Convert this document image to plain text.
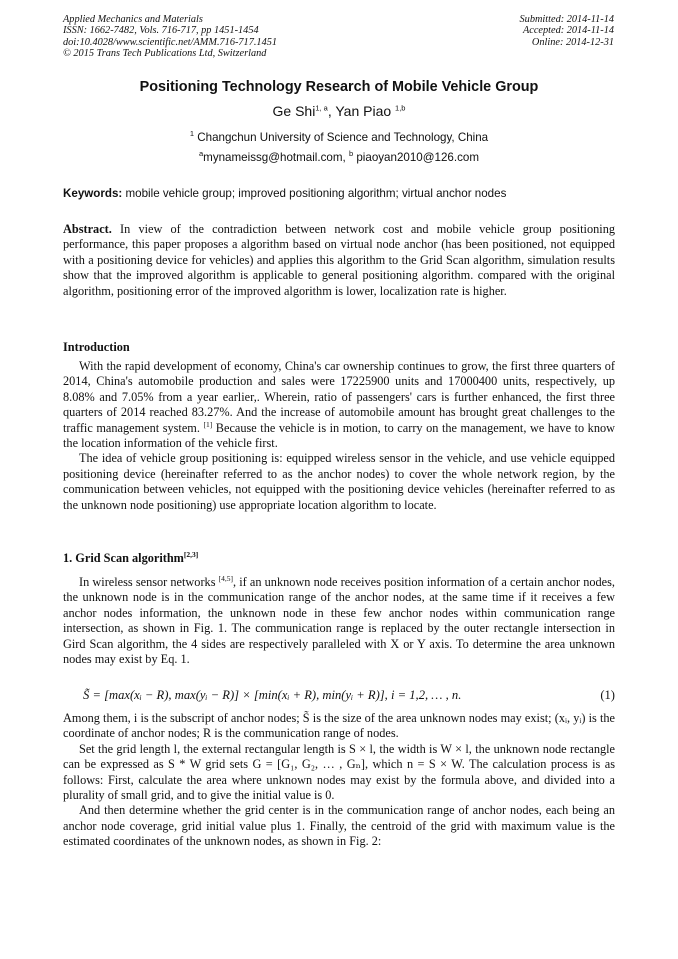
Applied Mechanics and Materials
ISSN: 1662-7482, Vols. 716-717, pp 1451-1454
doi:10.4028/www.scientific.net/AMM.716-717.1451
© 2015 Trans Tech Publications Ltd, Switzerland
Submitted: 2014-11-14
Accepted: 2014-11-14
Online: 2014-12-31
Positioning Technology Research of Mobile Vehicle Group
Ge Shi$^{1, a}$, Yan Piao $^{1,b}$
$^1$ Changchun University of Science and Technology, China
$^a$mynameissg@hotmail.com, $^b$ piaoyan2010@126.com
Keywords: mobile vehicle group; improved positioning algorithm; virtual anchor nodes

Abstract. In view of the contradiction between network cost and mobile vehicle group positioning performance, this paper proposes a algorithm based on virtual node anchor (has been positioned, not equipped with a positioning device for vehicles) and applies this algorithm to the Grid Scan algorithm, simulation results show that the improved algorithm is applicable to general positioning algorithm. compared with the original algorithm, positioning error of the improved algorithm is lower, localization rate is higher.

Introduction

With the rapid development of economy, China's car ownership continues to grow, the first three quarters of 2014, China's automobile production and sales were 17225900 units and 17000400 units, respectively, up 8.08% and 7.05% from a year earlier,. Wherein, ratio of passengers' cars is further enhanced, the first three quarters of 2014 reached 83.27%. And the increase of automobile amount has brought great challenges to the traffic management system. [1] Because the vehicle is in motion, to carry on the management, we have to know the location information of the vehicle first.

The idea of vehicle group positioning is: equipped wireless sensor in the vehicle, and use vehicle equipped positioning device (hereinafter referred to as the anchor nodes) to cover the whole network region, by the communication between vehicles, not equipped with the positioning device vehicles (hereinafter referred to as the unknown node positioning) use appropriate location algorithm to locate.

1. Grid Scan algorithm[2,3]

In wireless sensor networks [4,5], if an unknown node receives position information of a certain anchor nodes, the unknown node is in the communication range of the anchor nodes, at the same time if it receives a few anchor nodes information, the unknown node in these few anchor nodes within communication range intersection, as shown in Fig. 1. The communication range is replaced by the outer rectangle intersection in Gird Scan algorithm, the 4 sides are respectively paralleled with X or Y axis. To determine the area unknown nodes may exist by Eq. 1.

S̃ = [max(xᵢ − R), max(yᵢ − R)] × [min(xᵢ + R), min(yᵢ + R)], i = 1,2, … , n.	(1)

Among them, i is the subscript of anchor nodes; S̃ is the size of the area unknown nodes may exist; (xᵢ, yᵢ) is the coordinate of anchor nodes; R is the communication range of nodes.

Set the grid length l, the external rectangular length is S × l, the width is W × l, the unknown node rectangle can be expressed as S * W grid sets G = [G₁, G₂, … , Gₙ], which n = S × W. The calculation process is as follows: First, calculate the area where unknown nodes may exist by the formula above, and divided into a plurality of small grid, and to give the initial value is 0.

And then determine whether the grid center is in the communication range of anchor nodes, each being an anchor node coverage, grid initial value plus 1. Finally, the centroid of the grid with maximum value is the estimated coordinates of the unknown nodes, as shown in Fig. 2:
